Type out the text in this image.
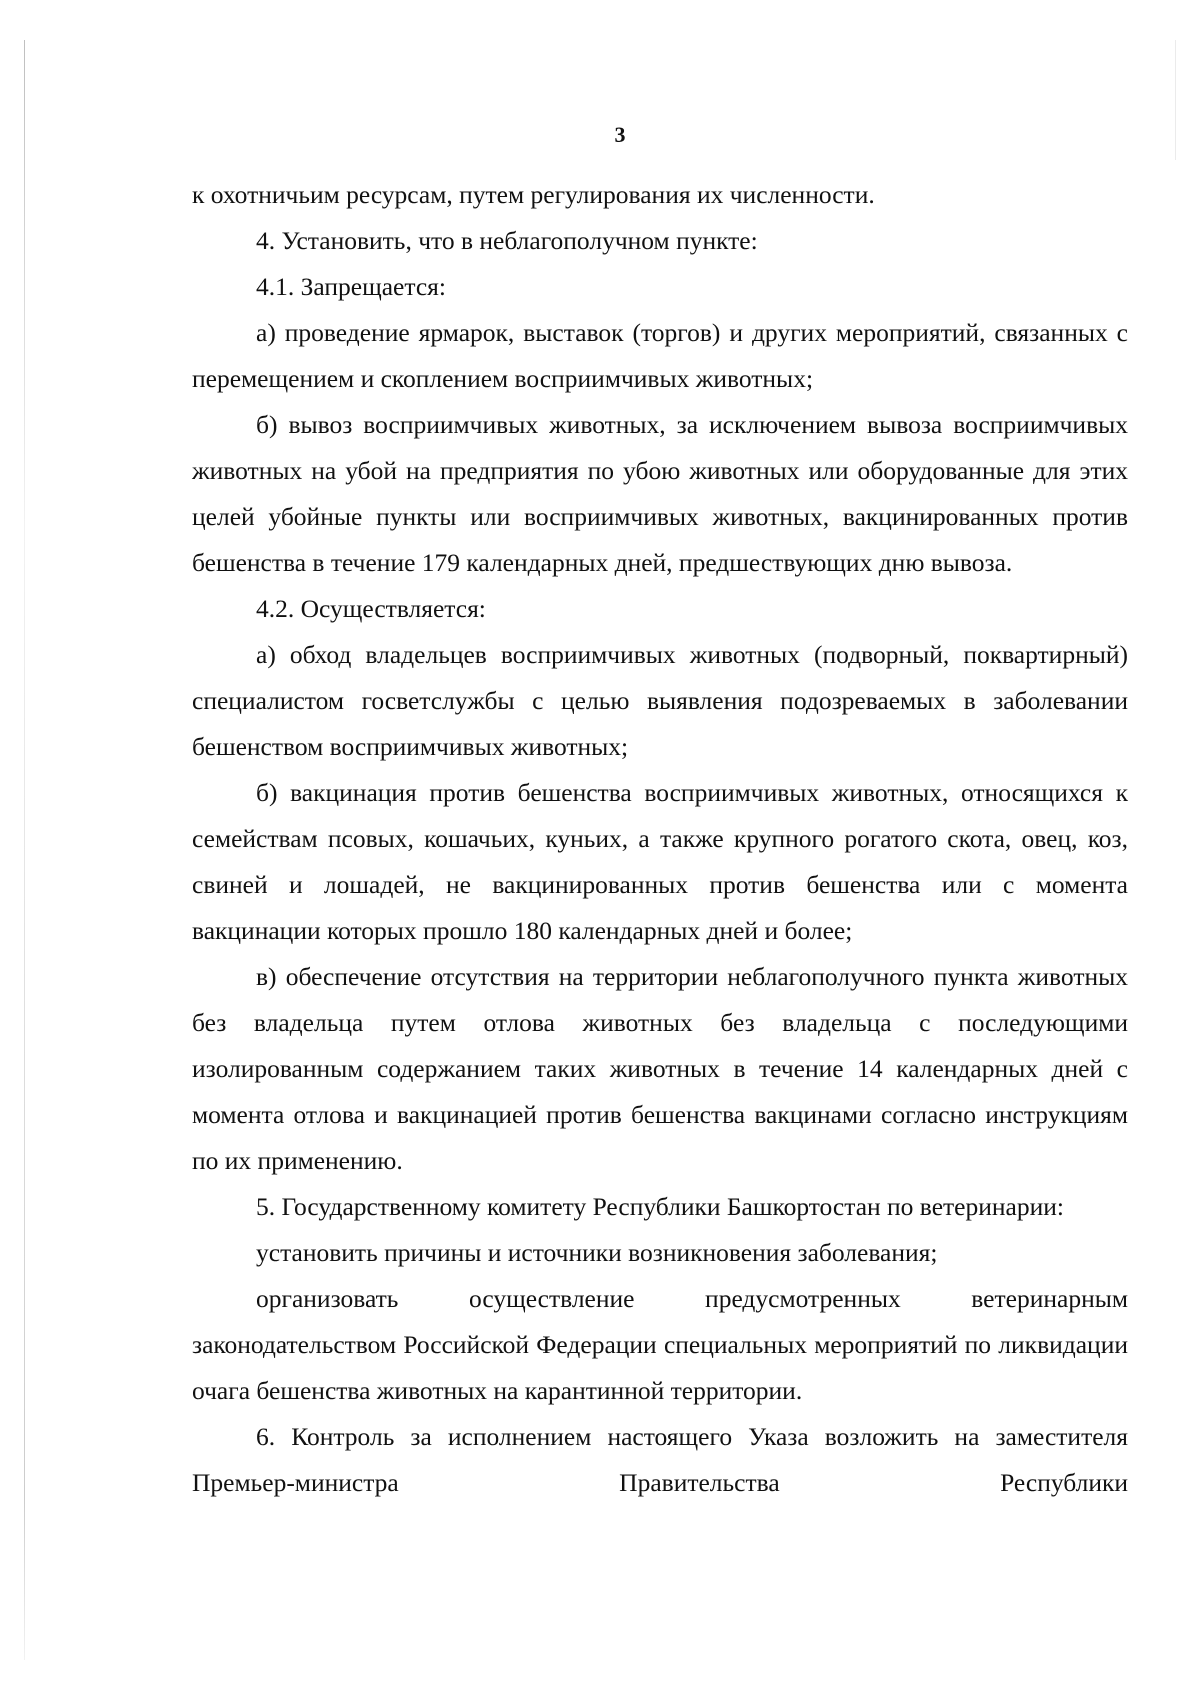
3

к охотничьим ресурсам, путем регулирования их численности.

4. Установить, что в неблагополучном пункте:

4.1. Запрещается:

а) проведение ярмарок, выставок (торгов) и других мероприятий, связанных с перемещением и скоплением восприимчивых животных;

б) вывоз восприимчивых животных, за исключением вывоза восприимчивых животных на убой на предприятия по убою животных или оборудованные для этих целей убойные пункты или восприимчивых животных, вакцинированных против бешенства в течение 179 календарных дней, предшествующих дню вывоза.

4.2. Осуществляется:

а) обход владельцев восприимчивых животных (подворный, поквартирный) специалистом госветслужбы с целью выявления подозреваемых в заболевании бешенством восприимчивых животных;

б) вакцинация против бешенства восприимчивых животных, относящихся к семействам псовых, кошачьих, куньих, а также крупного рогатого скота, овец, коз, свиней и лошадей, не вакцинированных против бешенства или с момента вакцинации которых прошло 180 календарных дней и более;

в) обеспечение отсутствия на территории неблагополучного пункта животных без владельца путем отлова животных без владельца с последующими изолированным содержанием таких животных в течение 14 календарных дней с момента отлова и вакцинацией против бешенства вакцинами согласно инструкциям по их применению.

5. Государственному комитету Республики Башкортостан по ветеринарии:

установить причины и источники возникновения заболевания;

организовать осуществление предусмотренных ветеринарным законодательством Российской Федерации специальных мероприятий по ликвидации очага бешенства животных на карантинной территории.

6. Контроль за исполнением настоящего Указа возложить на заместителя Премьер-министра Правительства Республики
